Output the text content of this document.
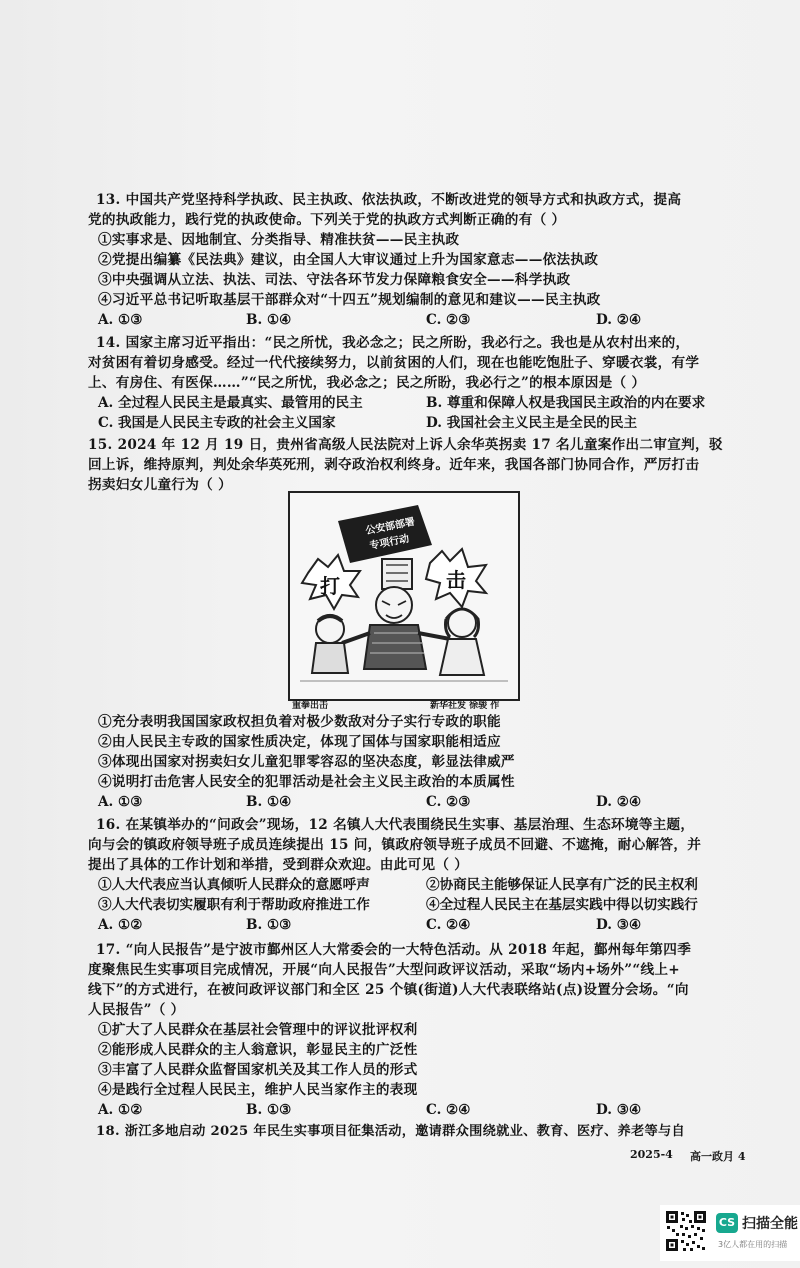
13. 中国共产党坚持科学执政、民主执政、依法执政，不断改进党的领导方式和执政方式，提高
党的执政能力，践行党的执政使命。下列关于党的执政方式判断正确的有（ ）
①实事求是、因地制宜、分类指导、精准扶贫——民主执政
②党提出编纂《民法典》建议，由全国人大审议通过上升为国家意志——依法执政
③中央强调从立法、执法、司法、守法各环节发力保障粮食安全——科学执政
④习近平总书记听取基层干部群众对“十四五”规划编制的意见和建议——民主执政
A. ①③	B. ①④	C. ②③	D. ②④
14. 国家主席习近平指出：“民之所忧，我必念之；民之所盼，我必行之。我也是从农村出来的，
对贫困有着切身感受。经过一代代接续努力，以前贫困的人们，现在也能吃饱肚子、穿暖衣裳，有学
上、有房住、有医保……”“民之所忧，我必念之；民之所盼，我必行之”的根本原因是（ ）
A. 全过程人民民主是最真实、最管用的民主	B. 尊重和保障人权是我国民主政治的内在要求
C. 我国是人民民主专政的社会主义国家	D. 我国社会主义民主是全民的民主
15. 2024 年 12 月 19 日，贵州省高级人民法院对上诉人余华英拐卖 17 名儿童案作出二审宣判，驳
回上诉，维持原判，判处余华英死刑，剥夺政治权利终身。近年来，我国各部门协同合作，严厉打击
拐卖妇女儿童行为（ ）
公安部部署
专项行动
打	击
重拳出击	新华社发 徐骏 作
①充分表明我国国家政权担负着对极少数敌对分子实行专政的职能
②由人民民主专政的国家性质决定，体现了国体与国家职能相适应
③体现出国家对拐卖妇女儿童犯罪零容忍的坚决态度，彰显法律威严
④说明打击危害人民安全的犯罪活动是社会主义民主政治的本质属性
A. ①③	B. ①④	C. ②③	D. ②④
16. 在某镇举办的“问政会”现场，12 名镇人大代表围绕民生实事、基层治理、生态环境等主题，
向与会的镇政府领导班子成员连续提出 15 问，镇政府领导班子成员不回避、不遮掩，耐心解答，并
提出了具体的工作计划和举措，受到群众欢迎。由此可见（ ）
①人大代表应当认真倾听人民群众的意愿呼声	②协商民主能够保证人民享有广泛的民主权利
③人大代表切实履职有利于帮助政府推进工作	④全过程人民民主在基层实践中得以切实践行
A. ①②	B. ①③	C. ②④	D. ③④
17. “向人民报告”是宁波市鄞州区人大常委会的一大特色活动。从 2018 年起，鄞州每年第四季
度聚焦民生实事项目完成情况，开展“向人民报告”大型问政评议活动，采取“场内+场外”“线上+
线下”的方式进行，在被问政评议部门和全区 25 个镇(街道)人大代表联络站(点)设置分会场。“向
人民报告”（ ）
①扩大了人民群众在基层社会管理中的评议批评权利
②能形成人民群众的主人翁意识，彰显民主的广泛性
③丰富了人民群众监督国家机关及其工作人员的形式
④是践行全过程人民民主，维护人民当家作主的表现
A. ①②	B. ①③	C. ②④	D. ③④
18. 浙江多地启动 2025 年民生实事项目征集活动，邀请群众围绕就业、教育、医疗、养老等与自
2025-4 高一政月 4
CS 扫描全能
3亿人都在用的扫描
